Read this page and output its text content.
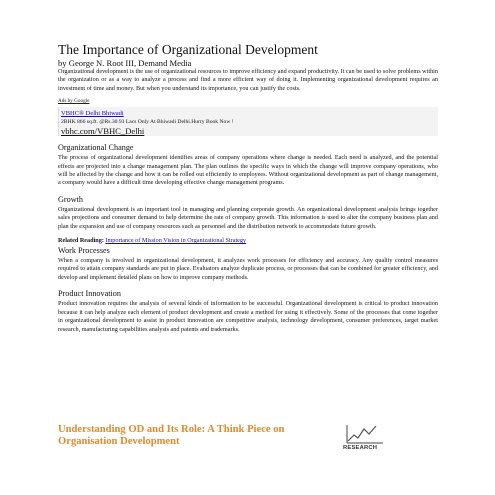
The Importance of Organizational Development

by George N. Root III, Demand Media

Organizational development is the use of organizational resources to improve efficiency and expand productivity. It can be used to solve problems within the organization or as a way to analyze a process and find a more efficient way of doing it. Implementing organizational development requires an investment of time and money. But when you understand its importance, you can justify the costs.

Ads by Google
VBHC® Delhi Bhiwadi
2BHK 866 sq.ft. @Rs.30.93 Lacs Only At Bhiwadi Delhi.Hurry Book Now !
vbhc.com/VBHC_Delhi
Organizational Change

The process of organizational development identifies areas of company operations where change is needed. Each need is analyzed, and the potential effects are projected into a change management plan. The plan outlines the specific ways in which the change will improve company operations, who will be affected by the change and how it can be rolled out efficiently to employees. Without organizational development as part of change management, a company would have a difficult time developing effective change management programs.

Growth

Organizational development is an important tool in managing and planning corporate growth. An organizational development analysis brings together sales projections and consumer demand to help determine the rate of company growth. This information is used to alter the company business plan and plan the expansion and use of company resources such as personnel and the distribution network to accommodate future growth.

Related Reading: Importance of Mission Vision in Organizational Strategy

Work Processes

When a company is involved in organizational development, it analyzes work processes for efficiency and accuracy. Any quality control measures required to attain company standards are put in place. Evaluators analyze duplicate process, or processes that can be combined for greater efficiency, and develop and implement detailed plans on how to improve company methods.

Product Innovation

Product innovation requires the analysis of several kinds of information to be successful. Organizational development is critical to product innovation because it can help analyze each element of product development and create a method for using it effectively. Some of the processes that come together in organizational development to assist in product innovation are competitive analysis, technology development, consumer preferences, target market research, manufacturing capabilities analysis and patents and trademarks.

Understanding OD and Its Role: A Think Piece on Organisation Development
RESEARCH
